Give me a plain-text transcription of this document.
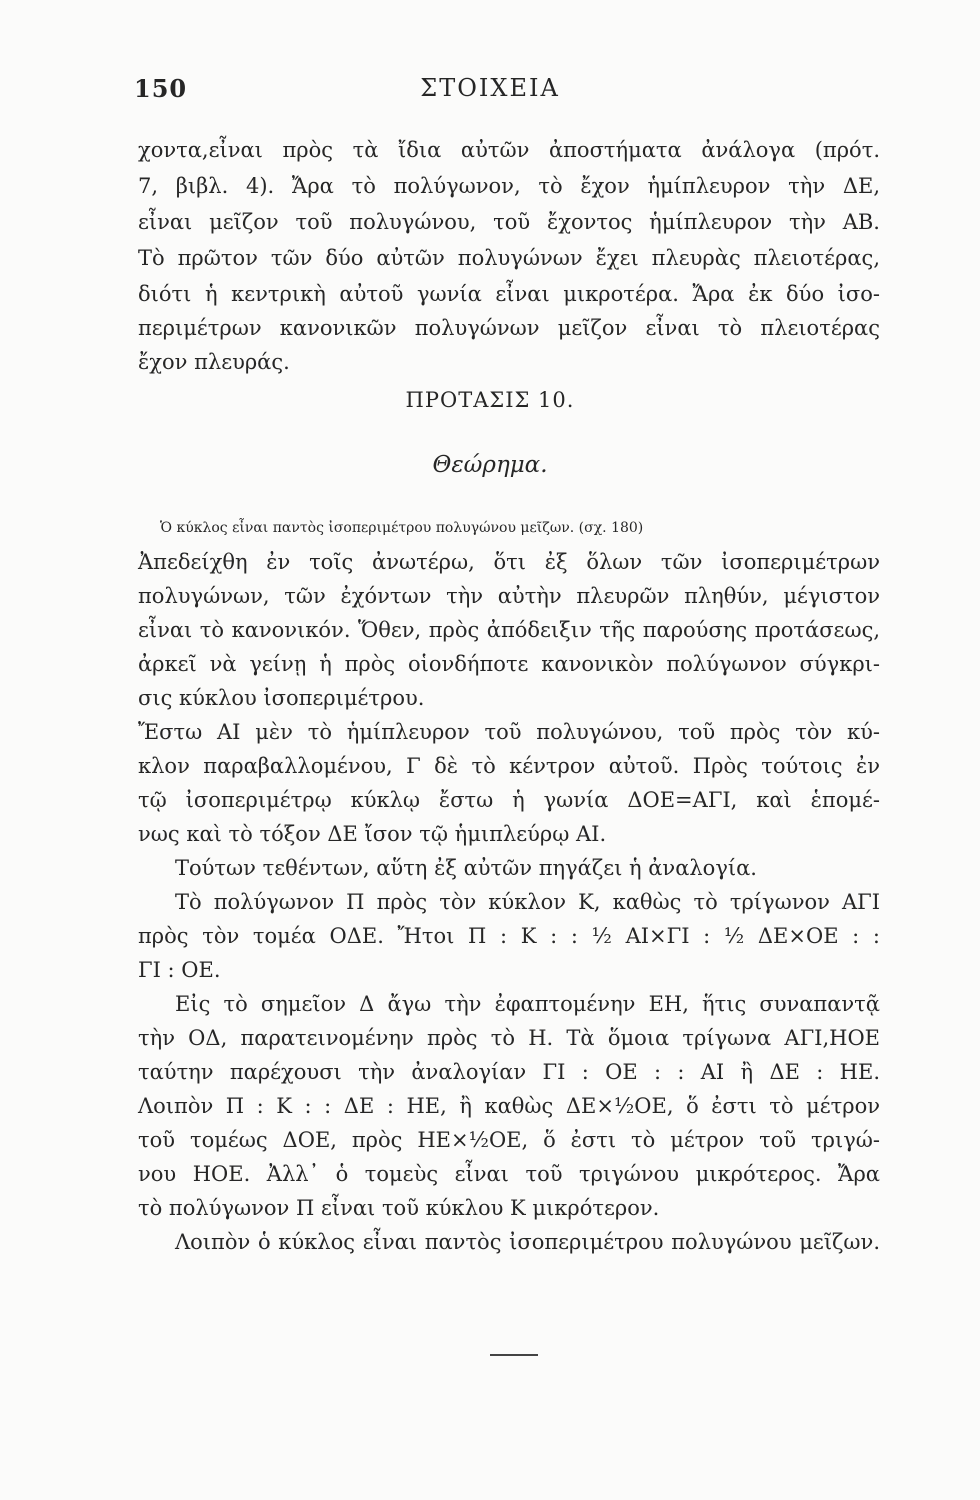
150	ΣΤΟΙΧΕΙΑ
χοντα,εἶναι πρὸς τὰ ἴδια αὐτῶν ἀποστήματα ἀνάλογα (πρότ.
7, βιβλ. 4). Ἄρα τὸ πολύγωνον, τὸ ἔχον ἡμίπλευρον τὴν ΔΕ,
εἶναι μεῖζον τοῦ πολυγώνου, τοῦ ἔχοντος ἡμίπλευρον τὴν ΑΒ.
Τὸ πρῶτον τῶν δύο αὐτῶν πολυγώνων ἔχει πλευρὰς πλειοτέρας,
διότι ἡ κεντρικὴ αὐτοῦ γωνία εἶναι μικροτέρα. Ἄρα ἐκ δύο ἰσο-
περιμέτρων κανονικῶν πολυγώνων μεῖζον εἶναι τὸ πλειοτέρας
ἔχον πλευράς.
ΠΡΟΤΑΣΙΣ 10.
Θεώρημα.
Ὁ κύκλος εἶναι παντὸς ἰσοπεριμέτρου πολυγώνου μεῖζων. (σχ. 180)
Ἀπεδείχθη ἐν τοῖς ἀνωτέρω, ὅτι ἐξ ὅλων τῶν ἰσοπεριμέτρων
πολυγώνων, τῶν ἐχόντων τὴν αὐτὴν πλευρῶν πληθύν, μέγιστον
εἶναι τὸ κανονικόν. Ὅθεν, πρὸς ἀπόδειξιν τῆς παρούσης προτάσεως,
ἀρκεῖ νὰ γείνῃ ἡ πρὸς οἱονδήποτε κανονικὸν πολύγωνον σύγκρι-
σις κύκλου ἰσοπεριμέτρου.
Ἔστω ΑΙ μὲν τὸ ἡμίπλευρον τοῦ πολυγώνου, τοῦ πρὸς τὸν κύ-
κλον παραβαλλομένου, Γ δὲ τὸ κέντρον αὐτοῦ. Πρὸς τούτοις ἐν
τῷ ἰσοπεριμέτρῳ κύκλῳ ἔστω ἡ γωνία ΔΟΕ=ΑΓΙ, καὶ ἑπομέ-
νως καὶ τὸ τόξον ΔΕ ἴσον τῷ ἡμιπλεύρῳ ΑΙ.
Τούτων τεθέντων, αὕτη ἐξ αὐτῶν πηγάζει ἡ ἀναλογία.
Τὸ πολύγωνον Π πρὸς τὸν κύκλον Κ, καθὼς τὸ τρίγωνον ΑΓΙ
πρὸς τὸν τομέα ΟΔΕ. Ἤτοι Π : Κ : : ½ ΑΙ×ΓΙ : ½ ΔΕ×ΟΕ : :
ΓΙ : ΟΕ.
Εἰς τὸ σημεῖον Δ ἄγω τὴν ἐφαπτομένην ΕΗ, ἥτις συναπαντᾷ
τὴν ΟΔ, παρατεινομένην πρὸς τὸ Η. Τὰ ὅμοια τρίγωνα ΑΓΙ,ΗΟΕ
ταύτην παρέχουσι τὴν ἀναλογίαν ΓΙ : ΟΕ : : ΑΙ ἢ ΔΕ : ΗΕ.
Λοιπὸν Π : Κ : : ΔΕ : ΗΕ, ἢ καθὼς ΔΕ×½ΟΕ, ὅ ἐστι τὸ μέτρον
τοῦ τομέως ΔΟΕ, πρὸς ΗΕ×½ΟΕ, ὅ ἐστι τὸ μέτρον τοῦ τριγώ-
νου ΗΟΕ. Ἀλλ᾽ ὁ τομεὺς εἶναι τοῦ τριγώνου μικρότερος. Ἄρα
τὸ πολύγωνον Π εἶναι τοῦ κύκλου Κ μικρότερον.
Λοιπὸν ὁ κύκλος εἶναι παντὸς ἰσοπεριμέτρου πολυγώνου μεῖζων.
